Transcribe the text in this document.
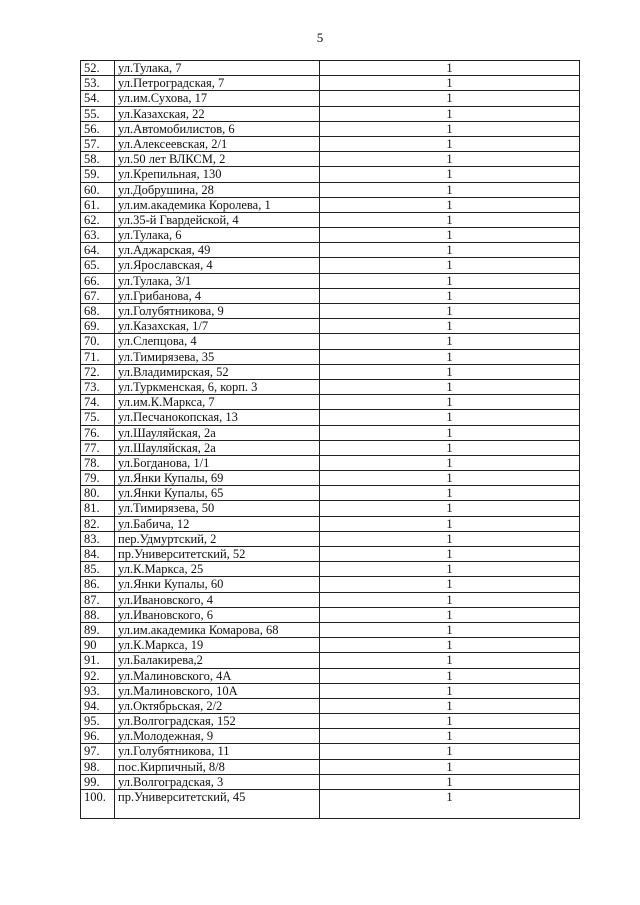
5
52.	ул.Тулака, 7	1
53.	ул.Петроградская, 7	1
54.	ул.им.Сухова, 17	1
55.	ул.Казахская, 22	1
56.	ул.Автомобилистов, 6	1
57.	ул.Алексеевская, 2/1	1
58.	ул.50 лет ВЛКСМ, 2	1
59.	ул.Крепильная, 130	1
60.	ул.Добрушина, 28	1
61.	ул.им.академика Королева, 1	1
62.	ул.35-й Гвардейской, 4	1
63.	ул.Тулака, 6	1
64.	ул.Аджарская, 49	1
65.	ул.Ярославская, 4	1
66.	ул.Тулака, 3/1	1
67.	ул.Грибанова, 4	1
68.	ул.Голубятникова, 9	1
69.	ул.Казахская, 1/7	1
70.	ул.Слепцова, 4	1
71.	ул.Тимирязева, 35	1
72.	ул.Владимирская, 52	1
73.	ул.Туркменская, 6, корп. 3	1
74.	ул.им.К.Маркса, 7	1
75.	ул.Песчанокопская, 13	1
76.	ул.Шауляйская, 2а	1
77.	ул.Шауляйская, 2а	1
78.	ул.Богданова, 1/1	1
79.	ул.Янки Купалы, 69	1
80.	ул.Янки Купалы, 65	1
81.	ул.Тимирязева, 50	1
82.	ул.Бабича, 12	1
83.	пер.Удмуртский, 2	1
84.	пр.Университетский, 52	1
85.	ул.К.Маркса, 25	1
86.	ул.Янки Купалы, 60	1
87.	ул.Ивановского, 4	1
88.	ул.Ивановского, 6	1
89.	ул.им.академика Комарова, 68	1
90	ул.К.Маркса, 19	1
91.	ул.Балакирева,2	1
92.	ул.Малиновского, 4А	1
93.	ул.Малиновского, 10А	1
94.	ул.Октябрьская, 2/2	1
95.	ул.Волгоградская, 152	1
96.	ул.Молодежная, 9	1
97.	ул.Голубятникова, 11	1
98.	пос.Кирпичный, 8/8	1
99.	ул.Волгоградская, 3	1
100.	пр.Университетский, 45	1
